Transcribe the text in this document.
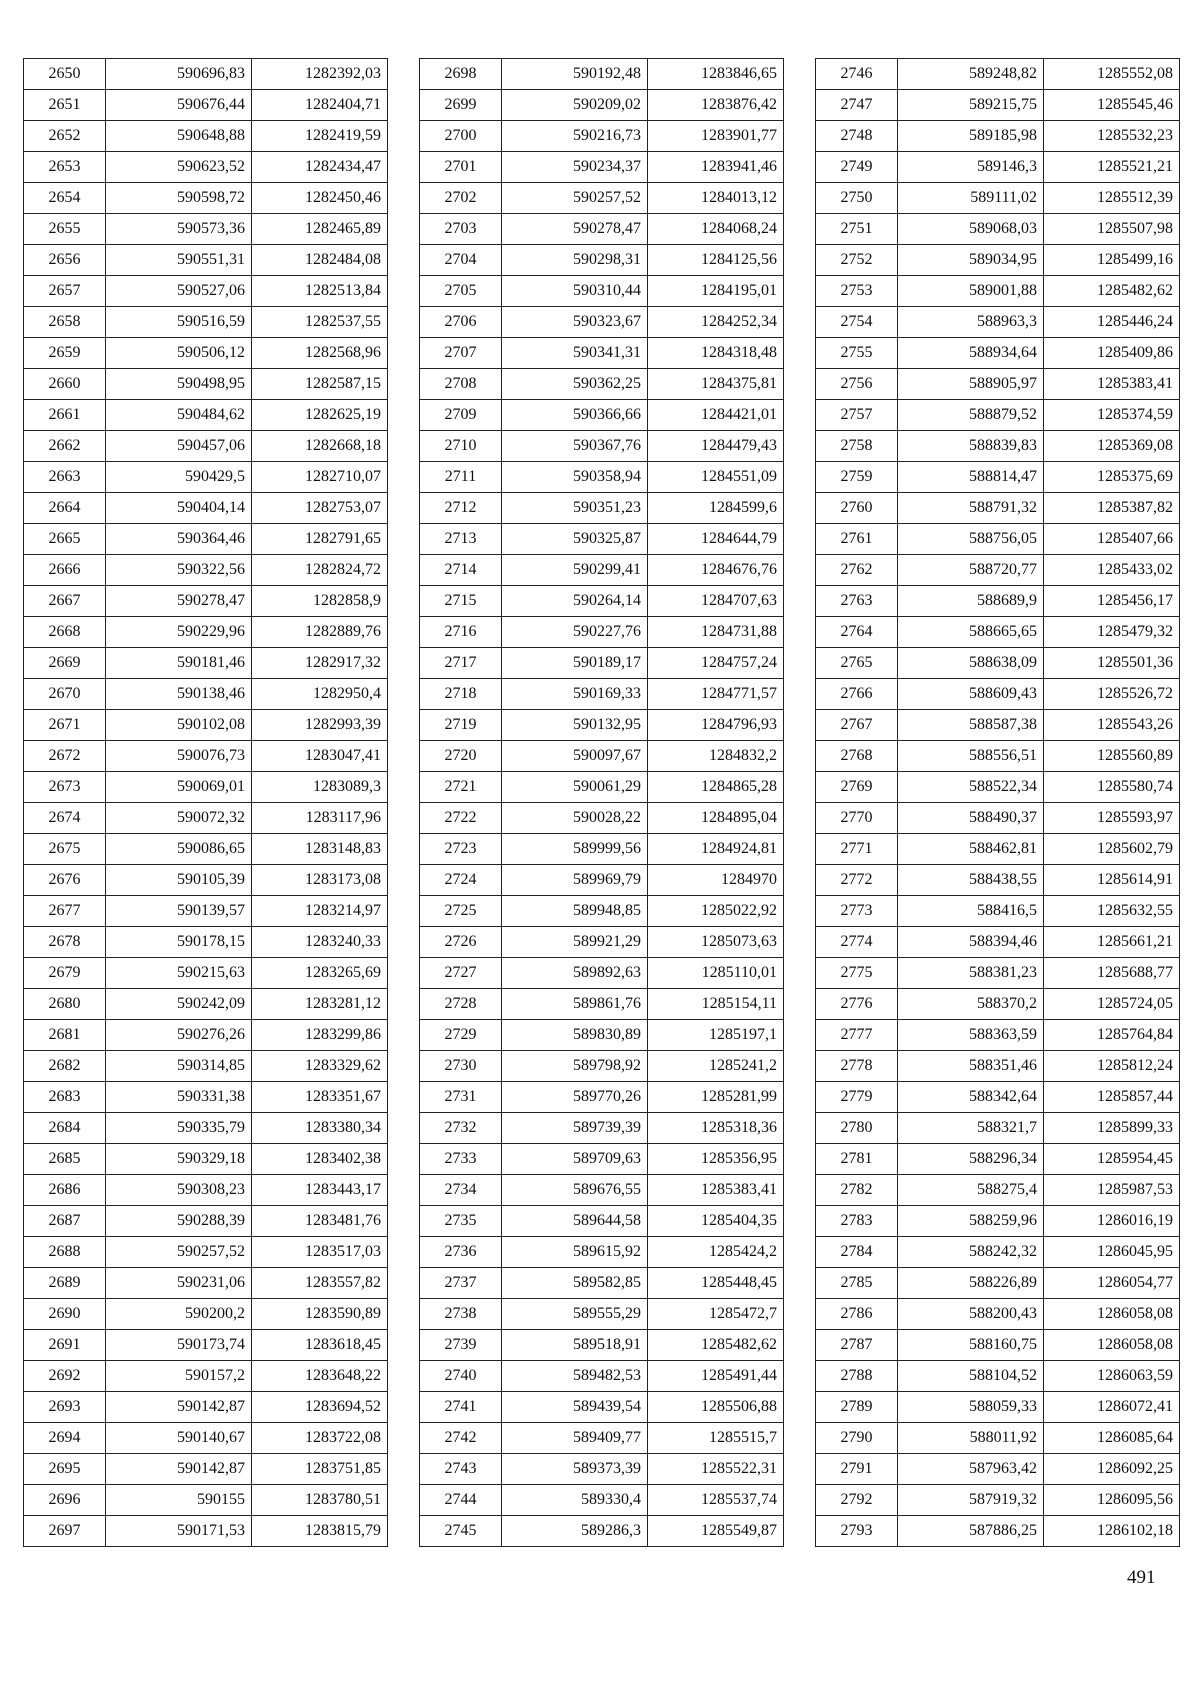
2650	590696,83	1282392,03
2651	590676,44	1282404,71
2652	590648,88	1282419,59
2653	590623,52	1282434,47
2654	590598,72	1282450,46
2655	590573,36	1282465,89
2656	590551,31	1282484,08
2657	590527,06	1282513,84
2658	590516,59	1282537,55
2659	590506,12	1282568,96
2660	590498,95	1282587,15
2661	590484,62	1282625,19
2662	590457,06	1282668,18
2663	590429,5	1282710,07
2664	590404,14	1282753,07
2665	590364,46	1282791,65
2666	590322,56	1282824,72
2667	590278,47	1282858,9
2668	590229,96	1282889,76
2669	590181,46	1282917,32
2670	590138,46	1282950,4
2671	590102,08	1282993,39
2672	590076,73	1283047,41
2673	590069,01	1283089,3
2674	590072,32	1283117,96
2675	590086,65	1283148,83
2676	590105,39	1283173,08
2677	590139,57	1283214,97
2678	590178,15	1283240,33
2679	590215,63	1283265,69
2680	590242,09	1283281,12
2681	590276,26	1283299,86
2682	590314,85	1283329,62
2683	590331,38	1283351,67
2684	590335,79	1283380,34
2685	590329,18	1283402,38
2686	590308,23	1283443,17
2687	590288,39	1283481,76
2688	590257,52	1283517,03
2689	590231,06	1283557,82
2690	590200,2	1283590,89
2691	590173,74	1283618,45
2692	590157,2	1283648,22
2693	590142,87	1283694,52
2694	590140,67	1283722,08
2695	590142,87	1283751,85
2696	590155	1283780,51
2697	590171,53	1283815,79
2698	590192,48	1283846,65
2699	590209,02	1283876,42
2700	590216,73	1283901,77
2701	590234,37	1283941,46
2702	590257,52	1284013,12
2703	590278,47	1284068,24
2704	590298,31	1284125,56
2705	590310,44	1284195,01
2706	590323,67	1284252,34
2707	590341,31	1284318,48
2708	590362,25	1284375,81
2709	590366,66	1284421,01
2710	590367,76	1284479,43
2711	590358,94	1284551,09
2712	590351,23	1284599,6
2713	590325,87	1284644,79
2714	590299,41	1284676,76
2715	590264,14	1284707,63
2716	590227,76	1284731,88
2717	590189,17	1284757,24
2718	590169,33	1284771,57
2719	590132,95	1284796,93
2720	590097,67	1284832,2
2721	590061,29	1284865,28
2722	590028,22	1284895,04
2723	589999,56	1284924,81
2724	589969,79	1284970
2725	589948,85	1285022,92
2726	589921,29	1285073,63
2727	589892,63	1285110,01
2728	589861,76	1285154,11
2729	589830,89	1285197,1
2730	589798,92	1285241,2
2731	589770,26	1285281,99
2732	589739,39	1285318,36
2733	589709,63	1285356,95
2734	589676,55	1285383,41
2735	589644,58	1285404,35
2736	589615,92	1285424,2
2737	589582,85	1285448,45
2738	589555,29	1285472,7
2739	589518,91	1285482,62
2740	589482,53	1285491,44
2741	589439,54	1285506,88
2742	589409,77	1285515,7
2743	589373,39	1285522,31
2744	589330,4	1285537,74
2745	589286,3	1285549,87
2746	589248,82	1285552,08
2747	589215,75	1285545,46
2748	589185,98	1285532,23
2749	589146,3	1285521,21
2750	589111,02	1285512,39
2751	589068,03	1285507,98
2752	589034,95	1285499,16
2753	589001,88	1285482,62
2754	588963,3	1285446,24
2755	588934,64	1285409,86
2756	588905,97	1285383,41
2757	588879,52	1285374,59
2758	588839,83	1285369,08
2759	588814,47	1285375,69
2760	588791,32	1285387,82
2761	588756,05	1285407,66
2762	588720,77	1285433,02
2763	588689,9	1285456,17
2764	588665,65	1285479,32
2765	588638,09	1285501,36
2766	588609,43	1285526,72
2767	588587,38	1285543,26
2768	588556,51	1285560,89
2769	588522,34	1285580,74
2770	588490,37	1285593,97
2771	588462,81	1285602,79
2772	588438,55	1285614,91
2773	588416,5	1285632,55
2774	588394,46	1285661,21
2775	588381,23	1285688,77
2776	588370,2	1285724,05
2777	588363,59	1285764,84
2778	588351,46	1285812,24
2779	588342,64	1285857,44
2780	588321,7	1285899,33
2781	588296,34	1285954,45
2782	588275,4	1285987,53
2783	588259,96	1286016,19
2784	588242,32	1286045,95
2785	588226,89	1286054,77
2786	588200,43	1286058,08
2787	588160,75	1286058,08
2788	588104,52	1286063,59
2789	588059,33	1286072,41
2790	588011,92	1286085,64
2791	587963,42	1286092,25
2792	587919,32	1286095,56
2793	587886,25	1286102,18
491
